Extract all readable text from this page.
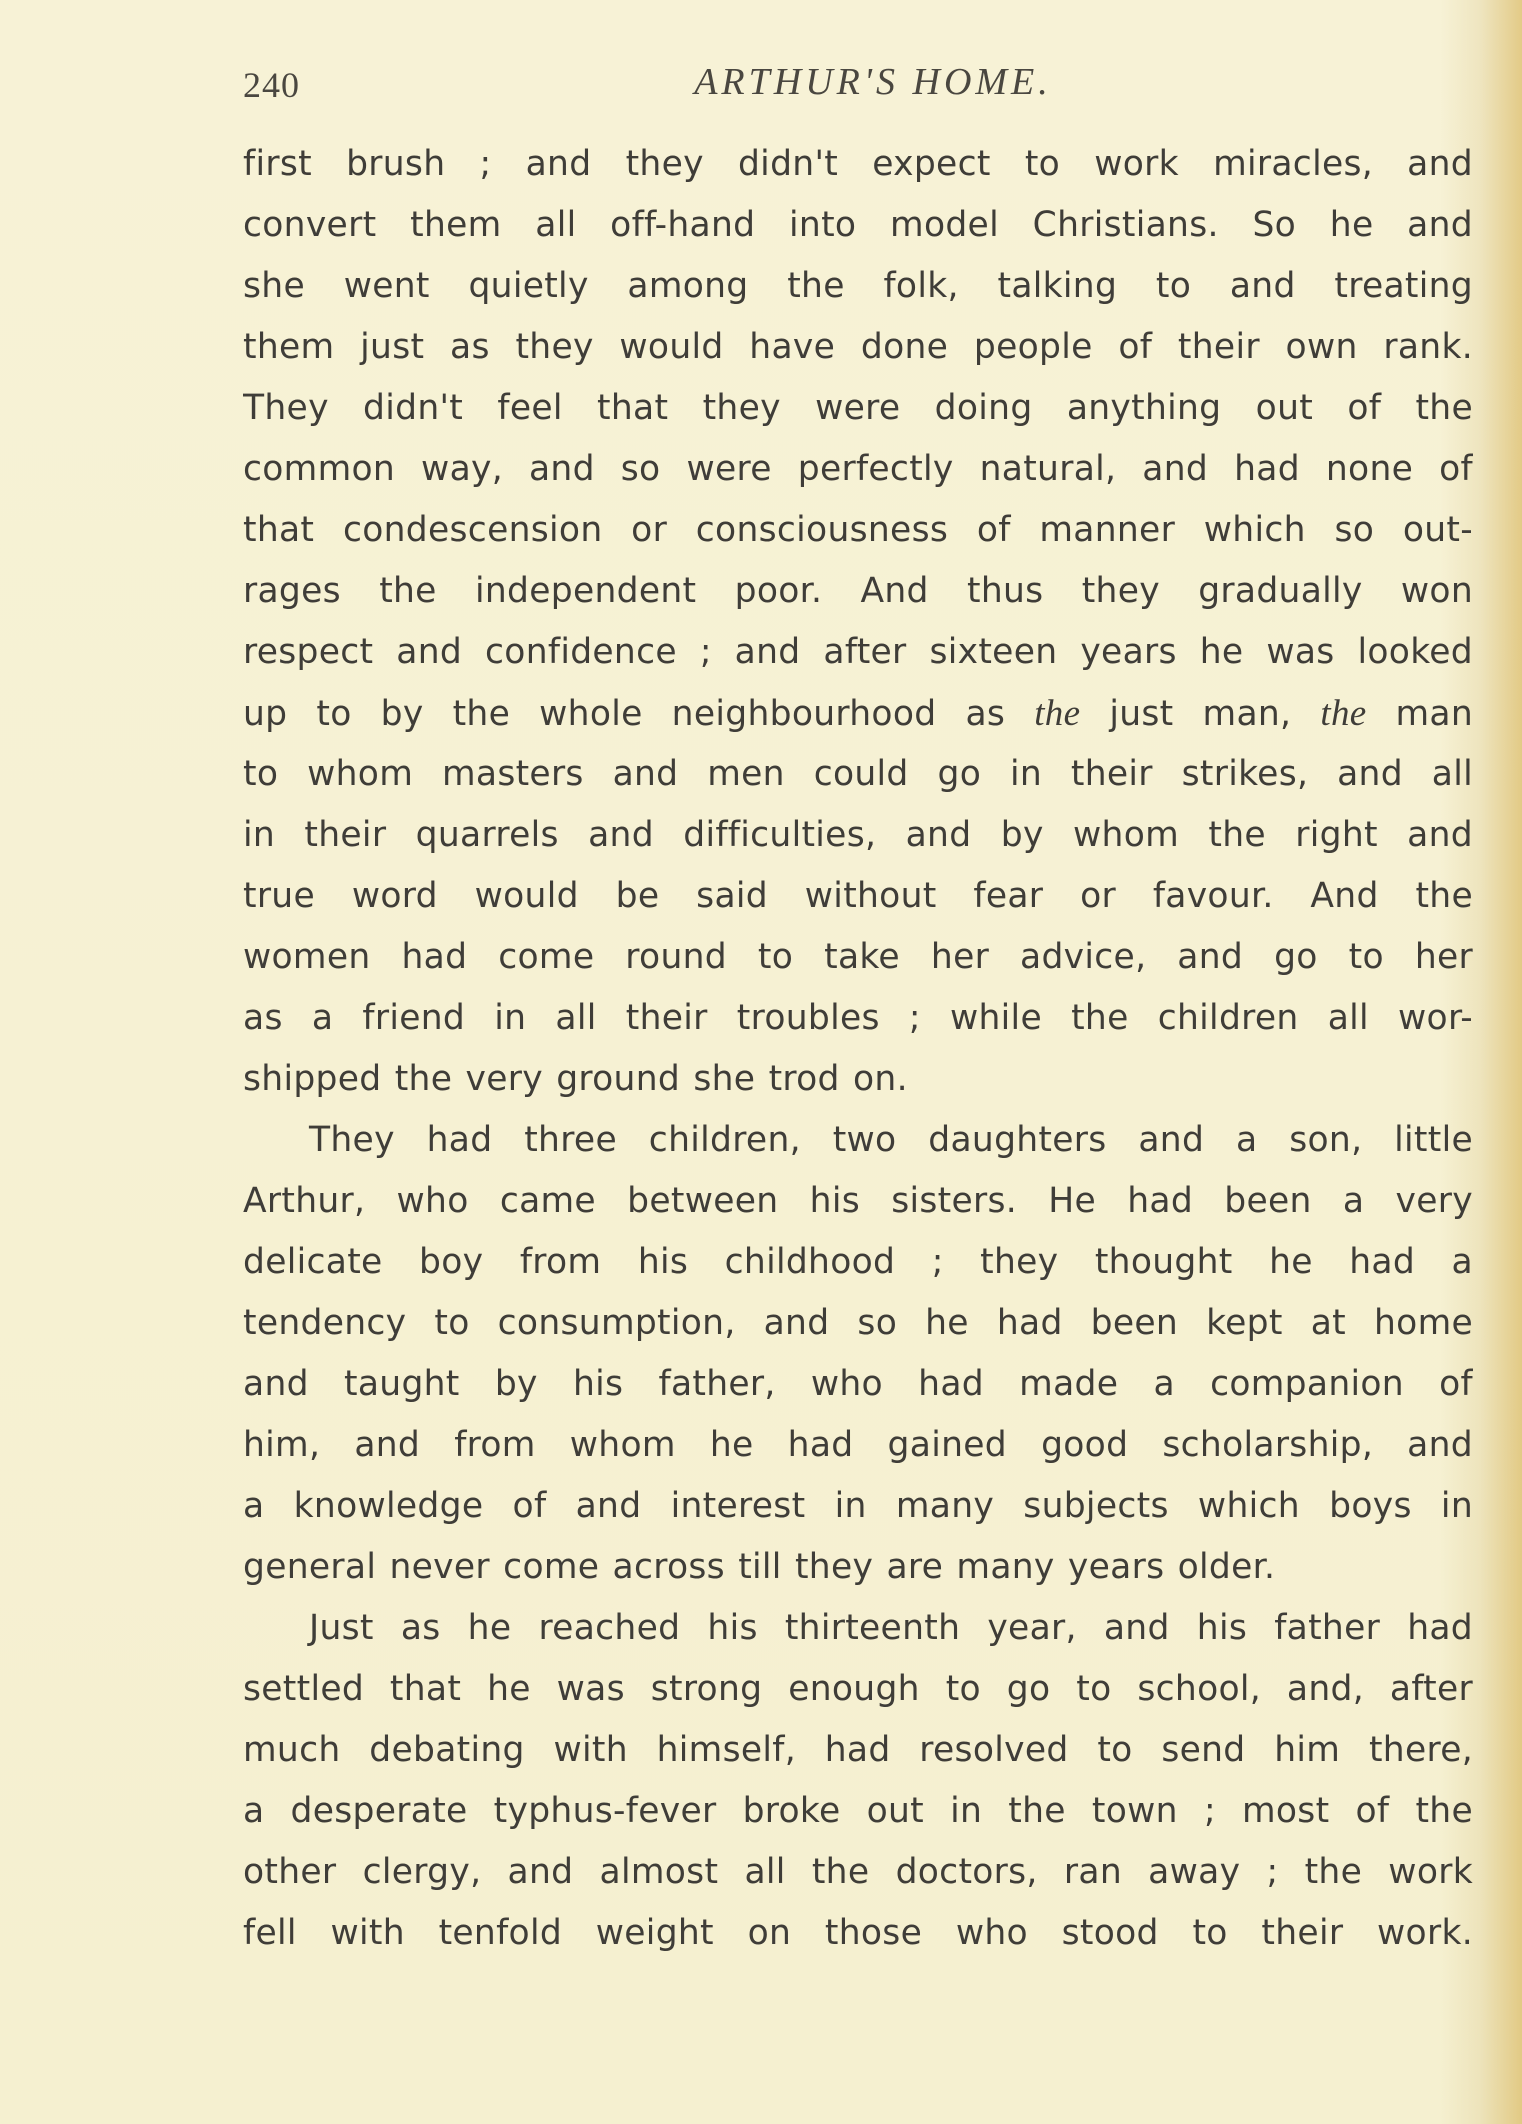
240	ARTHUR'S HOME.
first brush ; and they didn't expect to work miracles, and
convert them all off-hand into model Christians. So he and
she went quietly among the folk, talking to and treating
them just as they would have done people of their own rank.
They didn't feel that they were doing anything out of the
common way, and so were perfectly natural, and had none of
that condescension or consciousness of manner which so out-
rages the independent poor. And thus they gradually won
respect and confidence ; and after sixteen years he was looked
up to by the whole neighbourhood as the just man, the man
to whom masters and men could go in their strikes, and all
in their quarrels and difficulties, and by whom the right and
true word would be said without fear or favour. And the
women had come round to take her advice, and go to her
as a friend in all their troubles ; while the children all wor-
shipped the very ground she trod on.
They had three children, two daughters and a son, little
Arthur, who came between his sisters. He had been a very
delicate boy from his childhood ; they thought he had a
tendency to consumption, and so he had been kept at home
and taught by his father, who had made a companion of
him, and from whom he had gained good scholarship, and
a knowledge of and interest in many subjects which boys in
general never come across till they are many years older.
Just as he reached his thirteenth year, and his father had
settled that he was strong enough to go to school, and, after
much debating with himself, had resolved to send him there,
a desperate typhus-fever broke out in the town ; most of the
other clergy, and almost all the doctors, ran away ; the work
fell with tenfold weight on those who stood to their work.
